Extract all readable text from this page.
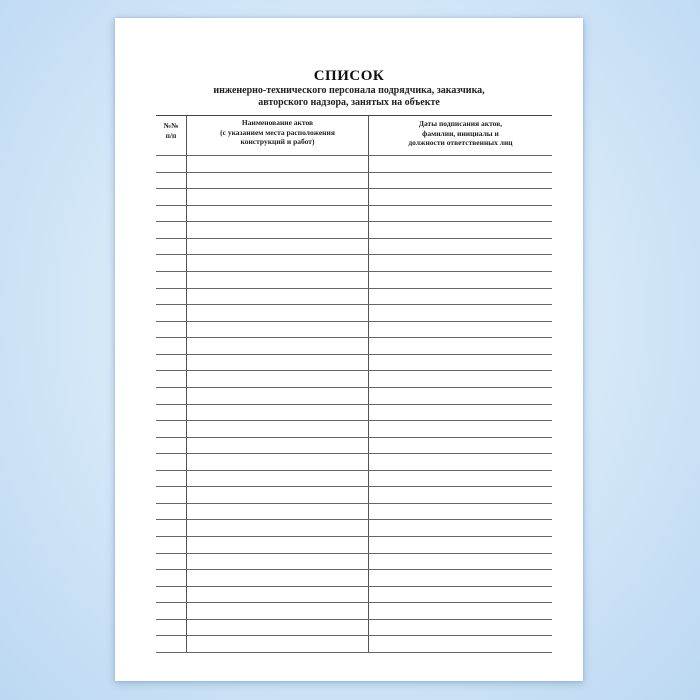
СПИСОК
инженерно-технического персонала подрядчика, заказчика,
авторского надзора, занятых на объекте
№№
п/п
Наименование актов
(с указанием места расположения
конструкций и работ)
Даты подписания актов,
фамилии, инициалы и
должности ответственных лиц
